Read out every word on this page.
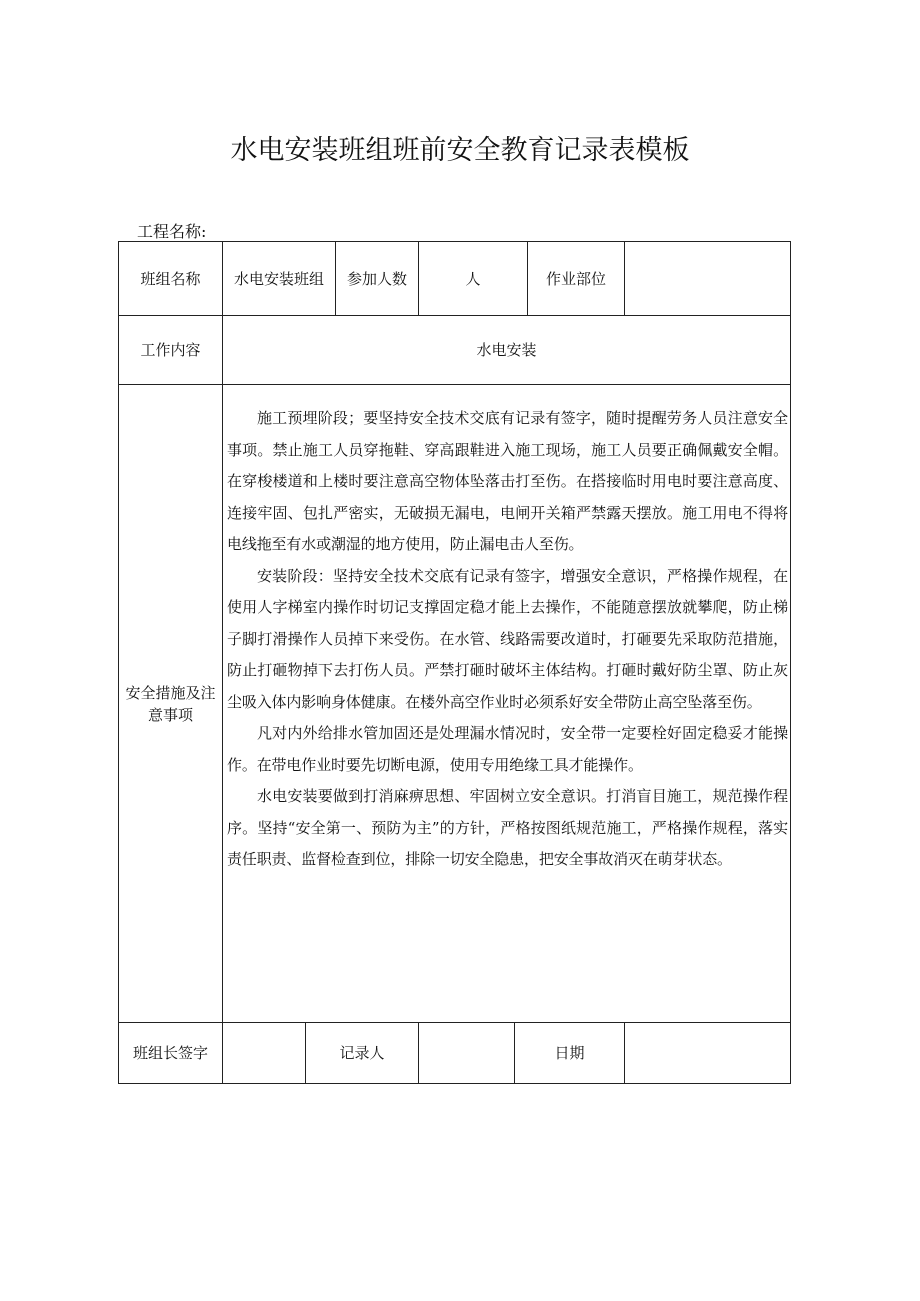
水电安装班组班前安全教育记录表模板
工程名称:
班组名称	水电安装班组		参加人数	人		作业部位	
工作内容	水电安装						
安全措施及注意事项	施工预埋阶段；要坚持安全技术交底有记录有签字，随时提醒劳务人员注意安全事项。禁止施工人员穿拖鞋、穿高跟鞋进入施工现场，施工人员要正确佩戴安全帽。在穿梭楼道和上楼时要注意高空物体坠落击打至伤。在搭接临时用电时要注意高度、连接牢固、包扎严密实，无破损无漏电，电闸开关箱严禁露天摆放。施工用电不得将电线拖至有水或潮湿的地方使用，防止漏电击人至伤。

安装阶段：坚持安全技术交底有记录有签字，增强安全意识，严格操作规程，在使用人字梯室内操作时切记支撑固定稳才能上去操作，不能随意摆放就攀爬，防止梯子脚打滑操作人员掉下来受伤。在水管、线路需要改道时，打砸要先采取防范措施，防止打砸物掉下去打伤人员。严禁打砸时破坏主体结构。打砸时戴好防尘罩、防止灰尘吸入体内影响身体健康。在楼外高空作业时必须系好安全带防止高空坠落至伤。

凡对内外给排水管加固还是处理漏水情况时，安全带一定要栓好固定稳妥才能操作。在带电作业时要先切断电源，使用专用绝缘工具才能操作。

水电安装要做到打消麻痹思想、牢固树立安全意识。打消盲目施工，规范操作程序。坚持“安全第一、预防为主”的方针，严格按图纸规范施工，严格操作规程，落实责任职责、监督检查到位，排除一切安全隐患，把安全事故消灭在萌芽状态。						

班组长签字		记录人			日期		
